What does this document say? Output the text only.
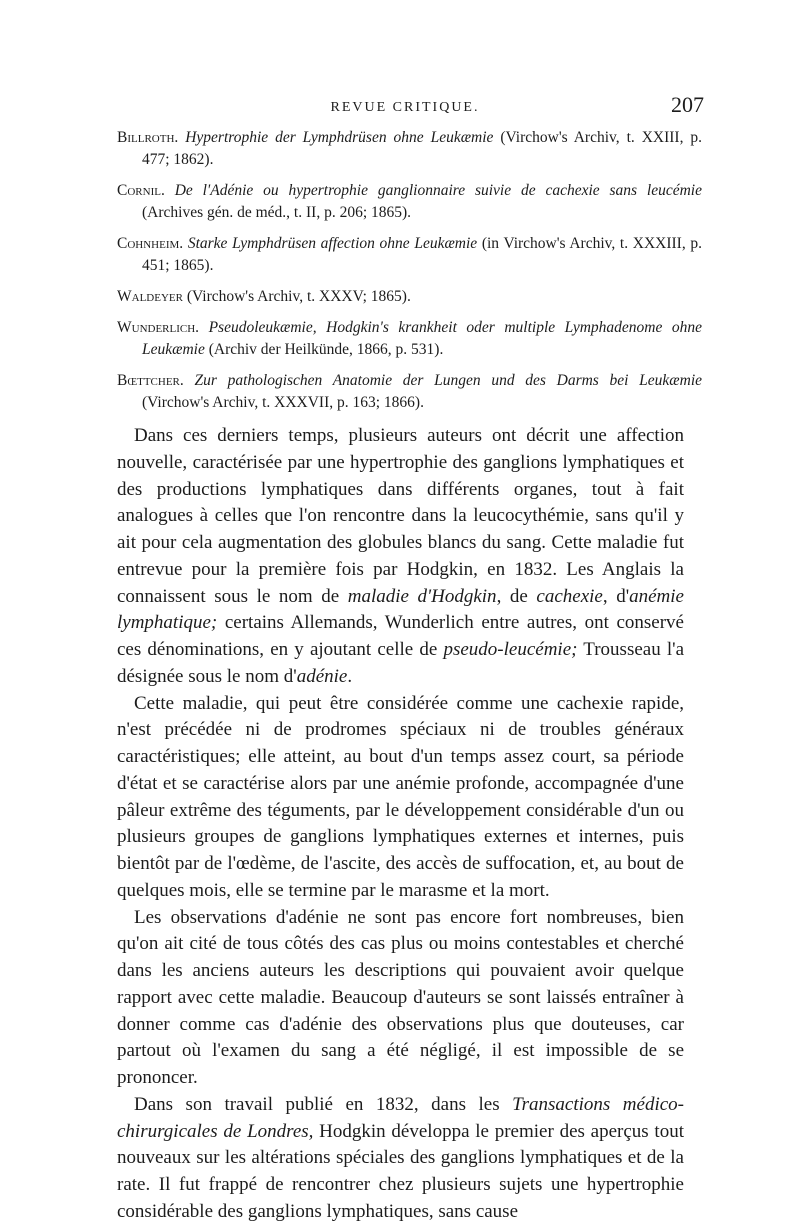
REVUE CRITIQUE.	207

Billroth. Hypertrophie der Lymphdrüsen ohne Leukæmie (Virchow's Archiv, t. XXIII, p. 477; 1862).

Cornil. De l'Adénie ou hypertrophie ganglionnaire suivie de cachexie sans leucémie (Archives gén. de méd., t. II, p. 206; 1865).

Cohnheim. Starke Lymphdrüsen affection ohne Leukæmie (in Virchow's Archiv, t. XXXIII, p. 451; 1865).

Waldeyer (Virchow's Archiv, t. XXXV; 1865).

Wunderlich. Pseudoleukæmie, Hodgkin's krankheit oder multiple Lymphadenome ohne Leukæmie (Archiv der Heilkünde, 1866, p. 531).

Bœttcher. Zur pathologischen Anatomie der Lungen und des Darms bei Leukæmie (Virchow's Archiv, t. XXXVII, p. 163; 1866).

Dans ces derniers temps, plusieurs auteurs ont décrit une affection nouvelle, caractérisée par une hypertrophie des ganglions lymphatiques et des productions lymphatiques dans différents organes, tout à fait analogues à celles que l'on rencontre dans la leucocythémie, sans qu'il y ait pour cela augmentation des globules blancs du sang. Cette maladie fut entrevue pour la première fois par Hodgkin, en 1832. Les Anglais la connaissent sous le nom de maladie d'Hodgkin, de cachexie, d'anémie lymphatique; certains Allemands, Wunderlich entre autres, ont conservé ces dénominations, en y ajoutant celle de pseudo-leucémie; Trousseau l'a désignée sous le nom d'adénie.

Cette maladie, qui peut être considérée comme une cachexie rapide, n'est précédée ni de prodromes spéciaux ni de troubles généraux caractéristiques; elle atteint, au bout d'un temps assez court, sa période d'état et se caractérise alors par une anémie profonde, accompagnée d'une pâleur extrême des téguments, par le développement considérable d'un ou plusieurs groupes de ganglions lymphatiques externes et internes, puis bientôt par de l'œdème, de l'ascite, des accès de suffocation, et, au bout de quelques mois, elle se termine par le marasme et la mort.

Les observations d'adénie ne sont pas encore fort nombreuses, bien qu'on ait cité de tous côtés des cas plus ou moins contestables et cherché dans les anciens auteurs les descriptions qui pouvaient avoir quelque rapport avec cette maladie. Beaucoup d'auteurs se sont laissés entraîner à donner comme cas d'adénie des observations plus que douteuses, car partout où l'examen du sang a été négligé, il est impossible de se prononcer.

Dans son travail publié en 1832, dans les Transactions médico-chirurgicales de Londres, Hodgkin développa le premier des aperçus tout nouveaux sur les altérations spéciales des ganglions lymphatiques et de la rate. Il fut frappé de rencontrer chez plusieurs sujets une hypertrophie considérable des ganglions lymphatiques, sans cause
